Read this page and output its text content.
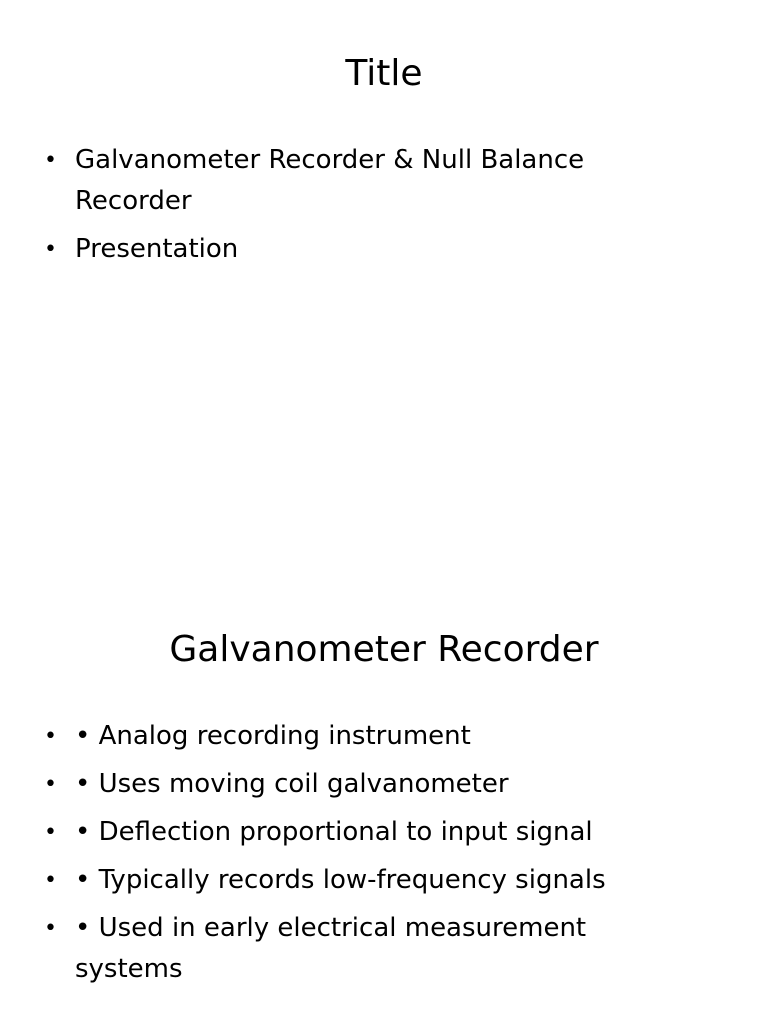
Title
• Galvanometer Recorder & Null Balance Recorder
• Presentation
Galvanometer Recorder
• • Analog recording instrument
• • Uses moving coil galvanometer
• • Deflection proportional to input signal
• • Typically records low-frequency signals
• • Used in early electrical measurement systems
